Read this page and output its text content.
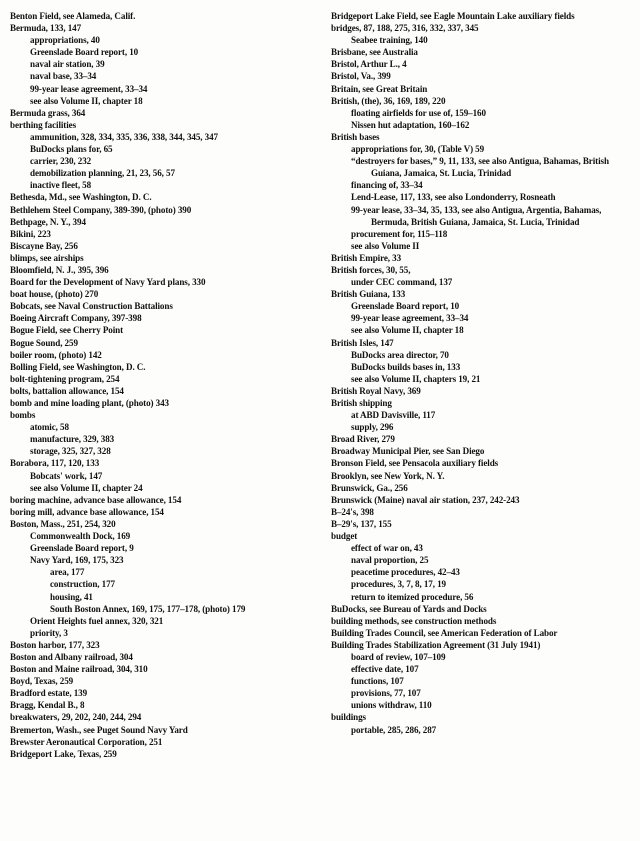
Benton Field, see Alameda, Calif.
Bermuda, 133, 147
appropriations, 40
Greenslade Board report, 10
naval air station, 39
naval base, 33–34
99-year lease agreement, 33–34
see also Volume II, chapter 18
Bermuda grass, 364
berthing facilities
ammunition, 328, 334, 335, 336, 338, 344, 345, 347
BuDocks plans for, 65
carrier, 230, 232
demobilization planning, 21, 23, 56, 57
inactive fleet, 58
Bethesda, Md., see Washington, D. C.
Bethlehem Steel Company, 389-390, (photo) 390
Bethpage, N. Y., 394
Bikini, 223
Biscayne Bay, 256
blimps, see airships
Bloomfield, N. J., 395, 396
Board for the Development of Navy Yard plans, 330
boat house, (photo) 270
Bobcats, see Naval Construction Battalions
Boeing Aircraft Company, 397-398
Bogue Field, see Cherry Point
Bogue Sound, 259
boiler room, (photo) 142
Bolling Field, see Washington, D. C.
bolt-tightening program, 254
bolts, battalion allowance, 154
bomb and mine loading plant, (photo) 343
bombs
atomic, 58
manufacture, 329, 383
storage, 325, 327, 328
Borabora, 117, 120, 133
Bobcats' work, 147
see also Volume II, chapter 24
boring machine, advance base allowance, 154
boring mill, advance base allowance, 154
Boston, Mass., 251, 254, 320
Commonwealth Dock, 169
Greenslade Board report, 9
Navy Yard, 169, 175, 323
area, 177
construction, 177
housing, 41
South Boston Annex, 169, 175, 177–178, (photo) 179
Orient Heights fuel annex, 320, 321
priority, 3
Boston harbor, 177, 323
Boston and Albany railroad, 304
Boston and Maine railroad, 304, 310
Boyd, Texas, 259
Bradford estate, 139
Bragg, Kendal B., 8
breakwaters, 29, 202, 240, 244, 294
Bremerton, Wash., see Puget Sound Navy Yard
Brewster Aeronautical Corporation, 251
Bridgeport Lake, Texas, 259
Bridgeport Lake Field, see Eagle Mountain Lake auxiliary fields
bridges, 87, 188, 275, 316, 332, 337, 345
Seabee training, 140
Brisbane, see Australia
Bristol, Arthur L., 4
Bristol, Va., 399
Britain, see Great Britain
British, (the), 36, 169, 189, 220
floating airfields for use of, 159–160
Nissen hut adaptation, 160–162
British bases
appropriations for, 30, (Table V) 59
“destroyers for bases,” 9, 11, 133, see also Antigua, Bahamas, British Guiana, Jamaica, St. Lucia, Trinidad
financing of, 33–34
Lend-Lease, 117, 133, see also Londonderry, Rosneath
99-year lease, 33–34, 35, 133, see also Antigua, Argentia, Bahamas, Bermuda, British Guiana, Jamaica, St. Lucia, Trinidad
procurement for, 115–118
see also Volume II
British Empire, 33
British forces, 30, 55,
under CEC command, 137
British Guiana, 133
Greenslade Board report, 10
99-year lease agreement, 33–34
see also Volume II, chapter 18
British Isles, 147
BuDocks area director, 70
BuDocks builds bases in, 133
see also Volume II, chapters 19, 21
British Royal Navy, 369
British shipping
at ABD Davisville, 117
supply, 296
Broad River, 279
Broadway Municipal Pier, see San Diego
Bronson Field, see Pensacola auxiliary fields
Brooklyn, see New York, N. Y.
Brunswick, Ga., 256
Brunswick (Maine) naval air station, 237, 242-243
B–24's, 398
B–29's, 137, 155
budget
effect of war on, 43
naval proportion, 25
peacetime procedures, 42–43
procedures, 3, 7, 8, 17, 19
return to itemized procedure, 56
BuDocks, see Bureau of Yards and Docks
building methods, see construction methods
Building Trades Council, see American Federation of Labor
Building Trades Stabilization Agreement (31 July 1941)
board of review, 107–109
effective date, 107
functions, 107
provisions, 77, 107
unions withdraw, 110
buildings
portable, 285, 286, 287
